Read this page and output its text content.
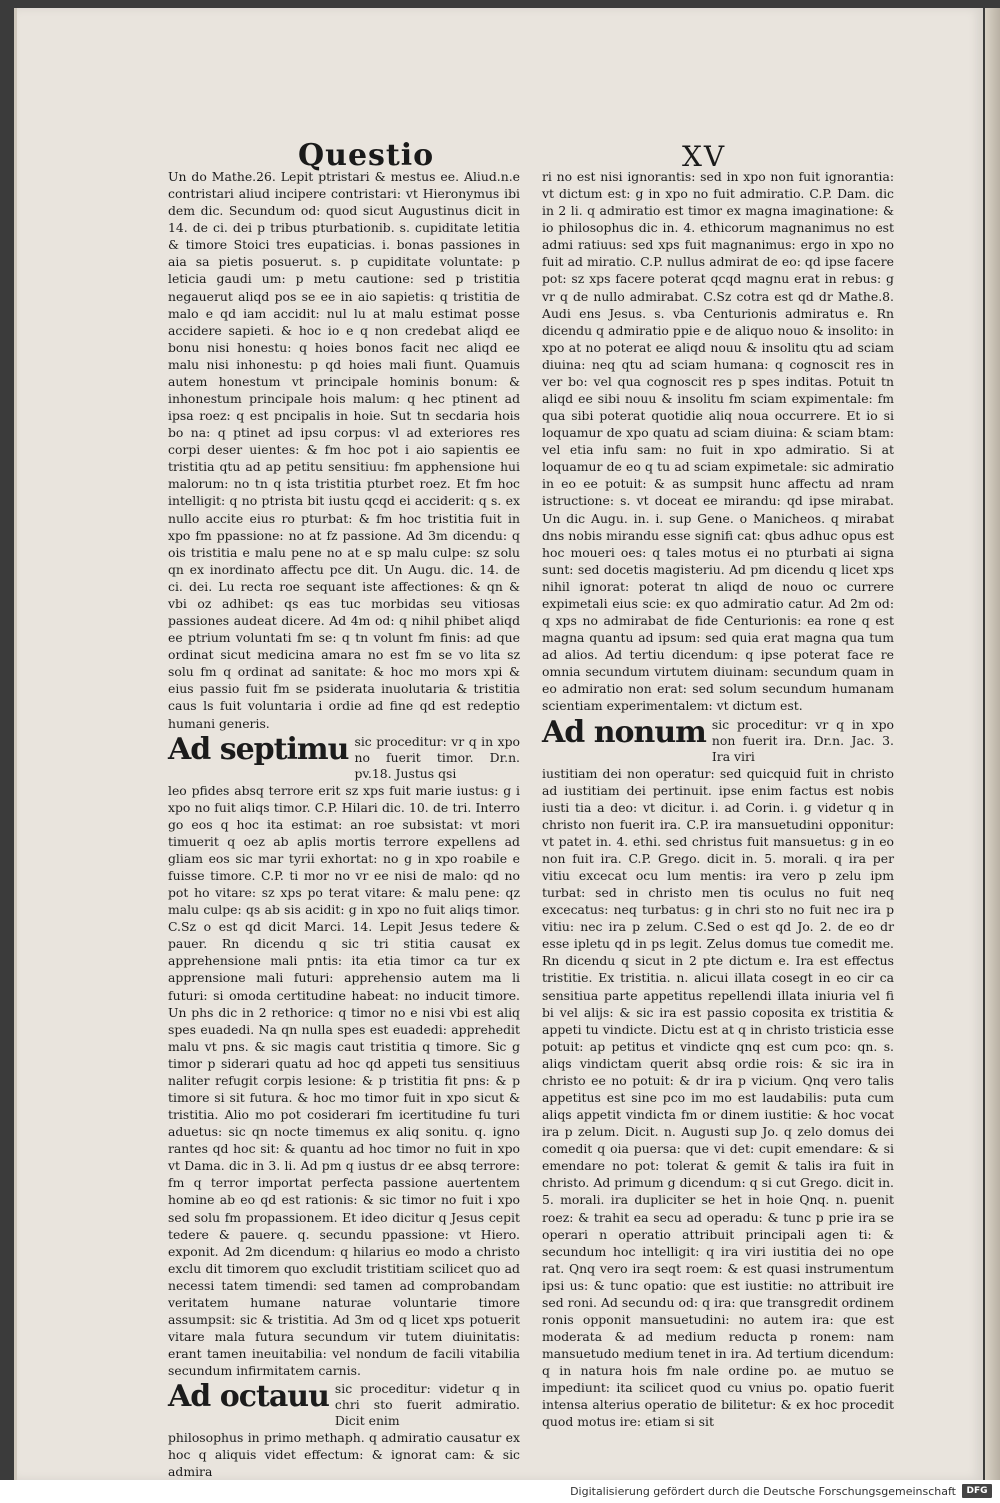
Questio	XV

Un do Mathe.26. Lepit ptristari & mestus ee. Aliud.n.e contristari aliud incipere contristari: vt Hieronymus ibi dem dic. Secundum od: quod sicut Augustinus dicit in 14. de ci. dei p tribus pturbationib. s. cupiditate letitia & timore Stoici tres eupaticias. i. bonas passiones in aia sa pietis posuerut. s. p cupiditate voluntate: p leticia gaudi um: p metu cautione: sed p tristitia negauerut aliqd pos se ee in aio sapietis: q tristitia de malo e qd iam accidit: nul lu at malu estimat posse accidere sapieti. & hoc io e q non credebat aliqd ee bonu nisi honestu: q hoies bonos facit nec aliqd ee malu nisi inhonestu: p qd hoies mali fiunt. Quamuis autem honestum vt principale hominis bonum: & inhonestum principale hois malum: q hec ptinent ad ipsa roez: q est pncipalis in hoie. Sut tn secdaria hois bo na: q ptinet ad ipsu corpus: vl ad exteriores res corpi deser uientes: & fm hoc pot i aio sapientis ee tristitia qtu ad ap petitu sensitiuu: fm apphensione hui malorum: no tn q ista tristitia pturbet roez. Et fm hoc intelligit: q no ptrista bit iustu qcqd ei acciderit: q s. ex nullo accite eius ro pturbat: & fm hoc tristitia fuit in xpo fm ppassione: no at fz passione. Ad 3m dicendu: q ois tristitia e malu pene no at e sp malu culpe: sz solu qn ex inordinato affectu pce dit. Un Augu. dic. 14. de ci. dei. Lu recta roe sequant iste affectiones: & qn & vbi oz adhibet: qs eas tuc morbidas seu vitiosas passiones audeat dicere. Ad 4m od: q nihil phibet aliqd ee ptrium voluntati fm se: q tn volunt fm finis: ad que ordinat sicut medicina amara no est fm se vo lita sz solu fm q ordinat ad sanitate: & hoc mo mors xpi & eius passio fuit fm se psiderata inuolutaria & tristitia caus ls fuit voluntaria i ordie ad fine qd est redeptio humani generis.

Ad septimu sic proceditur: vr q in xpo no fuerit timor. Dr.n. pv.18. Justus qsi

leo pfides absq terrore erit sz xps fuit marie iustus: g i xpo no fuit aliqs timor. C.P. Hilari dic. 10. de tri. Interro go eos q hoc ita estimat: an roe subsistat: vt mori timuerit q oez ab aplis mortis terrore expellens ad gliam eos sic mar tyrii exhortat: no g in xpo roabile e fuisse timore. C.P. ti mor no vr ee nisi de malo: qd no pot ho vitare: sz xps po terat vitare: & malu pene: qz malu culpe: qs ab sis acidit: g in xpo no fuit aliqs timor. C.Sz o est qd dicit Marci. 14. Lepit Jesus tedere & pauer. Rn dicendu q sic tri stitia causat ex apprehensione mali pntis: ita etia timor ca tur ex apprensione mali futuri: apprehensio autem ma li futuri: si omoda certitudine habeat: no inducit timore. Un phs dic in 2 rethorice: q timor no e nisi vbi est aliq spes euadedi. Na qn nulla spes est euadedi: apprehedit malu vt pns. & sic magis caut tristitia q timore. Sic g timor p siderari quatu ad hoc qd appeti tus sensitiuus naliter refugit corpis lesione: & p tristitia fit pns: & p timore si sit futura. & hoc mo timor fuit in xpo sicut & tristitia. Alio mo pot cosiderari fm icertitudine fu turi aduetus: sic qn nocte timemus ex aliq sonitu. q. igno rantes qd hoc sit: & quantu ad hoc timor no fuit in xpo vt Dama. dic in 3. li. Ad pm q iustus dr ee absq terrore: fm q terror importat perfecta passione auertentem homine ab eo qd est rationis: & sic timor no fuit i xpo sed solu fm propassionem. Et ideo dicitur q Jesus cepit tedere & pauere. q. secundu ppassione: vt Hiero. exponit. Ad 2m dicendum: q hilarius eo modo a christo exclu dit timorem quo excludit tristitiam scilicet quo ad necessi tatem timendi: sed tamen ad comprobandam veritatem humane naturae voluntarie timore assumpsit: sic & tristitia. Ad 3m od q licet xps potuerit vitare mala futura secundum vir tutem diuinitatis: erant tamen ineuitabilia: vel nondum de facili vitabilia secundum infirmitatem carnis.

Ad octauu sic proceditur: videtur q in chri sto fuerit admiratio. Dicit enim

philosophus in primo methaph. q admiratio causatur ex hoc q aliquis videt effectum: & ignorat cam: & sic admira

ri no est nisi ignorantis: sed in xpo non fuit ignorantia: vt dictum est: g in xpo no fuit admiratio. C.P. Dam. dic in 2 li. q admiratio est timor ex magna imaginatione: & io philosophus dic in. 4. ethicorum magnanimus no est admi ratiuus: sed xps fuit magnanimus: ergo in xpo no fuit ad miratio. C.P. nullus admirat de eo: qd ipse facere pot: sz xps facere poterat qcqd magnu erat in rebus: g vr q de nullo admirabat. C.Sz cotra est qd dr Mathe.8. Audi ens Jesus. s. vba Centurionis admiratus e. Rn dicendu q admiratio ppie e de aliquo nouo & insolito: in xpo at no poterat ee aliqd nouu & insolitu qtu ad sciam diuina: neq qtu ad sciam humana: q cognoscit res in ver bo: vel qua cognoscit res p spes inditas. Potuit tn aliqd ee sibi nouu & insolitu fm sciam expimentale: fm qua sibi poterat quotidie aliq noua occurrere. Et io si loquamur de xpo quatu ad sciam diuina: & sciam btam: vel etia infu sam: no fuit in xpo admiratio. Si at loquamur de eo q tu ad sciam expimetale: sic admiratio in eo ee potuit: & as sumpsit hunc affectu ad nram istructione: s. vt doceat ee mirandu: qd ipse mirabat. Un dic Augu. in. i. sup Gene. o Manicheos. q mirabat dns nobis mirandu esse signifi cat: qbus adhuc opus est hoc moueri oes: q tales motus ei no pturbati ai signa sunt: sed docetis magisteriu. Ad pm dicendu q licet xps nihil ignorat: poterat tn aliqd de nouo oc currere expimetali eius scie: ex quo admiratio catur. Ad 2m od: q xps no admirabat de fide Centurionis: ea rone q est magna quantu ad ipsum: sed quia erat magna qua tum ad alios. Ad tertiu dicendum: q ipse poterat face re omnia secundum virtutem diuinam: secundum quam in eo admiratio non erat: sed solum secundum humanam scientiam experimentalem: vt dictum est.

Ad nonum sic proceditur: vr q in xpo non fuerit ira. Dr.n. Jac. 3. Ira viri

iustitiam dei non operatur: sed quicquid fuit in christo ad iustitiam dei pertinuit. ipse enim factus est nobis iusti tia a deo: vt dicitur. i. ad Corin. i. g videtur q in christo non fuerit ira. C.P. ira mansuetudini opponitur: vt patet in. 4. ethi. sed christus fuit mansuetus: g in eo non fuit ira. C.P. Grego. dicit in. 5. morali. q ira per vitiu excecat ocu lum mentis: ira vero p zelu ipm turbat: sed in christo men tis oculus no fuit neq excecatus: neq turbatus: g in chri sto no fuit nec ira p vitiu: nec ira p zelum. C.Sed o est qd Jo. 2. de eo dr esse ipletu qd in ps legit. Zelus domus tue comedit me. Rn dicendu q sicut in 2 pte dictum e. Ira est effectus tristitie. Ex tristitia. n. alicui illata cosegt in eo cir ca sensitiua parte appetitus repellendi illata iniuria vel fi bi vel alijs: & sic ira est passio coposita ex tristitia & appeti tu vindicte. Dictu est at q in christo tristicia esse potuit: ap petitus et vindicte qnq est cum pco: qn. s. aliqs vindictam querit absq ordie rois: & sic ira in christo ee no potuit: & dr ira p vicium. Qnq vero talis appetitus est sine pco im mo est laudabilis: puta cum aliqs appetit vindicta fm or dinem iustitie: & hoc vocat ira p zelum. Dicit. n. Augusti sup Jo. q zelo domus dei comedit q oia puersa: que vi det: cupit emendare: & si emendare no pot: tolerat & gemit & talis ira fuit in christo. Ad primum g dicendum: q si cut Grego. dicit in. 5. morali. ira dupliciter se het in hoie Qnq. n. puenit roez: & trahit ea secu ad operadu: & tunc p prie ira se operari n operatio attribuit principali agen ti: & secundum hoc intelligit: q ira viri iustitia dei no ope rat. Qnq vero ira seqt roem: & est quasi instrumentum ipsi us: & tunc opatio: que est iustitie: no attribuit ire sed roni. Ad secundu od: q ira: que transgredit ordinem ronis opponit mansuetudini: no autem ira: que est moderata & ad medium reducta p ronem: nam mansuetudo medium tenet in ira. Ad tertium dicendum: q in natura hois fm nale ordine po. ae mutuo se impediunt: ita scilicet quod cu vnius po. opatio fuerit intensa alterius operatio de bilitetur: & ex hoc procedit quod motus ire: etiam si sit

Digitalisierung gefördert durch die Deutsche Forschungsgemeinschaft	DFG
